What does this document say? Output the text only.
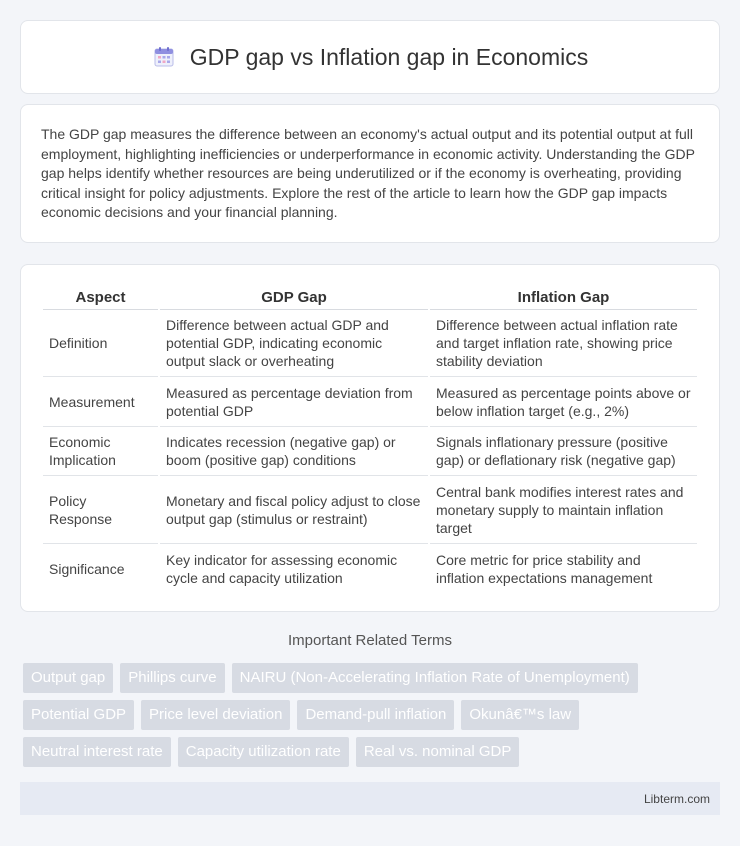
GDP gap vs Inflation gap in Economics

The GDP gap measures the difference between an economy's actual output and its potential output at full employment, highlighting inefficiencies or underperformance in economic activity. Understanding the GDP gap helps identify whether resources are being underutilized or if the economy is overheating, providing critical insight for policy adjustments. Explore the rest of the article to learn how the GDP gap impacts economic decisions and your financial planning.

Aspect	GDP Gap	Inflation Gap
Definition	Difference between actual GDP and potential GDP, indicating economic output slack or overheating	Difference between actual inflation rate and target inflation rate, showing price stability deviation
Measurement	Measured as percentage deviation from potential GDP	Measured as percentage points above or below inflation target (e.g., 2%)
Economic Implication	Indicates recession (negative gap) or boom (positive gap) conditions	Signals inflationary pressure (positive gap) or deflationary risk (negative gap)
Policy Response	Monetary and fiscal policy adjust to close output gap (stimulus or restraint)	Central bank modifies interest rates and monetary supply to maintain inflation target
Significance	Key indicator for assessing economic cycle and capacity utilization	Core metric for price stability and inflation expectations management
Important Related Terms
Output gap	Phillips curve	NAIRU (Non-Accelerating Inflation Rate of Unemployment)
Potential GDP	Price level deviation	Demand-pull inflation	Okunâ€™s law
Neutral interest rate	Capacity utilization rate	Real vs. nominal GDP
Libterm.com
